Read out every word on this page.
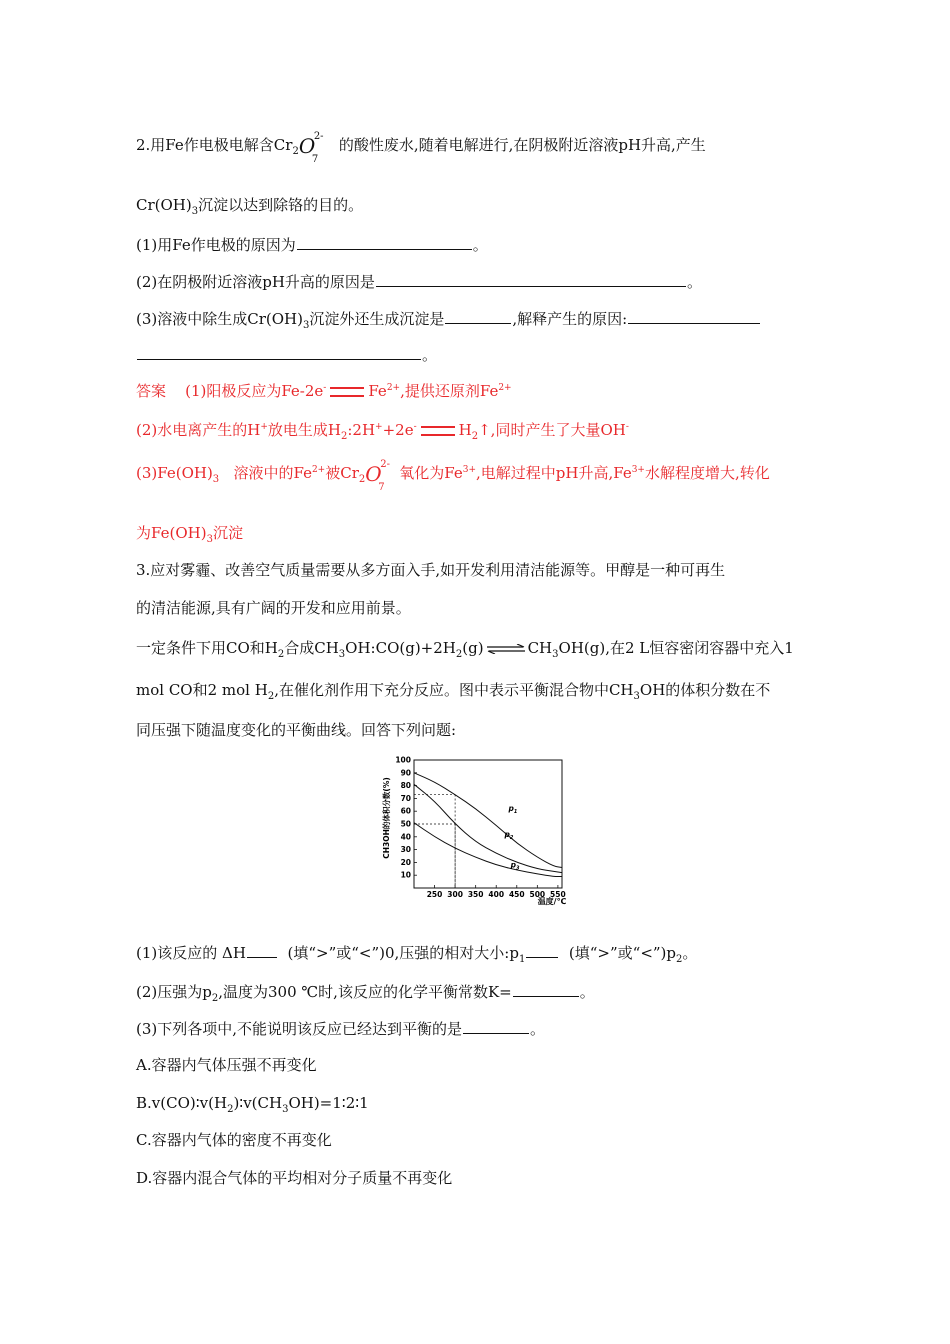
2.用Fe作电极电解含$Cr_2$ O
7
2- 的酸性废水,随着电解进行,在阴极附近溶液pH升高,产生
$Cr(OH)_3$沉淀以达到除铬的目的。
(1)用Fe作电极的原因为	。
(2)在阴极附近溶液pH升高的原因是	。
(3)溶液中除生成$Cr(OH)_3$沉淀外还生成沉淀是	,解释产生的原因:
。
答案 (1)阳极反应为Fe-2e-	$Fe^{2+}$,提供还原剂$Fe^{2+}$
(2)水电离产生的H+放电生成$H_2:2H^++2e^-$	$H_2↑$,同时产生了大量OH-
$(3)Fe(OH)_3$ 溶液中的$Fe^{2+}$被$Cr_2$ O
7
2- 氧化为$Fe^{3+}$,电解过程中pH升高$,Fe^{3+}$水解程度增大,转化
为$Fe(OH)_3$沉淀
3.应对雾霾、改善空气质量需要从多方面入手,如开发利用清洁能源等。甲醇是一种可再生
的清洁能源,具有广阔的开发和应用前景。
一定条件下用CO和$H_2$合成$CH_3OH:CO(g)+2H_2(g)$ ⇌ $CH_3OH(g)$,在2 L恒容密闭容器中充入1
mol CO和2 mol $H_2$,在催化剂作用下充分反应。图中表示平衡混合物中$CH_3OH$的体积分数在不
同压强下随温度变化的平衡曲线。回答下列问题:
10
20
30
40
50
60
70
80
90
100
250 300 350 400 450 500 550
$p_1$
$p_2$
$p_3$
CH3OH的体积分数(%)
温度/℃
(1)该反应的 ΔH	(填“>”或“<”)0,压强的相对大小$:p_1$	(填“>”或“$<”)p_2$。
(2)压强为$p_2$,温度为300 ℃时,该反应的化学平衡常数K=	。
(3)下列各项中,不能说明该反应已经达到平衡的是	。
A.容器内气体压强不再变化
$B.v(CO)∶v(H_2)∶v(CH_3OH)=1∶2∶1$
C.容器内气体的密度不再变化
D.容器内混合气体的平均相对分子质量不再变化
